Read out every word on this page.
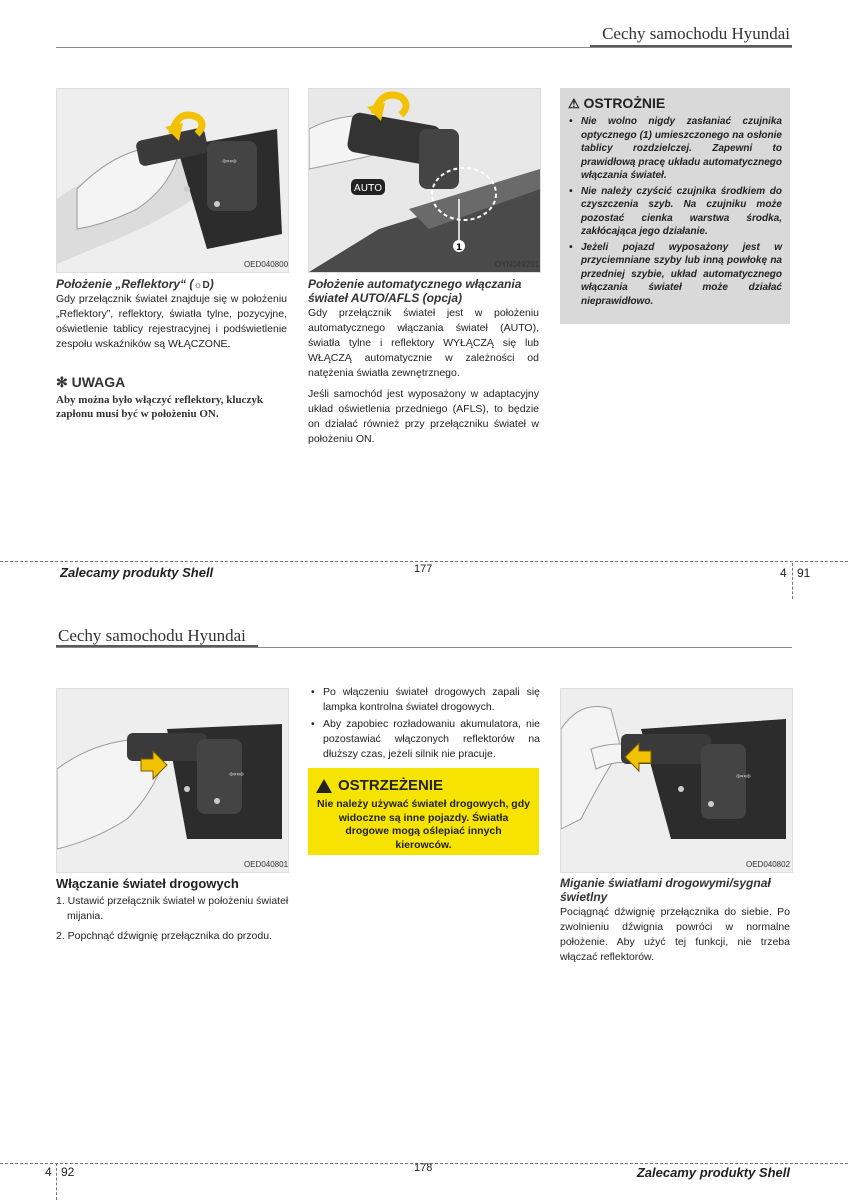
Cechy samochodu Hyundai
⇦⇨
OED040800
Położenie „Reflektory“ (☼D)
Gdy przełącznik świateł znajduje się w położeniu „Reflektory”, reflektory, światła tylne, pozycyjne, oświetlenie tablicy rejestracyjnej i podświetlenie zespołu wskaźników są WŁĄCZONE.
✻ UWAGA
Aby można było włączyć reflektory, kluczyk zapłonu musi być w położeniu ON.
AUTO
1
OYN049201
Położenie automatycznego włączania świateł AUTO/AFLS (opcja)

Gdy przełącznik świateł jest w położeniu automatycznego włączania świateł (AUTO), światła tylne i reflektory WYŁĄCZĄ się lub WŁĄCZĄ automatycznie w zależności od natężenia światła zewnętrznego.

Jeśli samochód jest wyposażony w adaptacyjny układ oświetlenia przedniego (AFLS), to będzie on działać również przy przełączniku świateł w położeniu ON.

⚠ OSTROŻNIE
• Nie wolno nigdy zasłaniać czujnika optycznego (1) umieszczonego na osłonie tablicy rozdzielczej. Zapewni to prawidłową pracę układu automatycznego włączania świateł.
• Nie należy czyścić czujnika środkiem do czyszczenia szyb. Na czujniku może pozostać cienka warstwa środka, zakłócająca jego działanie.
• Jeżeli pojazd wyposażony jest w przyciemniane szyby lub inną powłokę na przedniej szybie, układ automatycznego włączania świateł może działać nieprawidłowo.
Zalecamy produkty Shell	177	4 91
Cechy samochodu Hyundai
⇦⇨
OED040801
Włączanie świateł drogowych
1. Ustawić przełącznik świateł w położeniu świateł mijania.
2. Popchnąć dźwignię przełącznika do przodu.
• Po włączeniu świateł drogowych zapali się lampka kontrolna świateł drogowych.
• Aby zapobiec rozładowaniu akumulatora, nie pozostawiać włączonych reflektorów na dłuższy czas, jeżeli silnik nie pracuje.
OSTRZEŻENIE
Nie należy używać świateł drogowych, gdy widoczne są inne pojazdy. Światła drogowe mogą oślepiać innych kierowców.
⇦⇨
OED040802
Miganie światłami drogowymi/sygnał świetlny
Pociągnąć dźwignię przełącznika do siebie. Po zwolnieniu dźwignia powróci w normalne położenie. Aby użyć tej funkcji, nie trzeba włączać reflektorów.
4 92	178	Zalecamy produkty Shell
